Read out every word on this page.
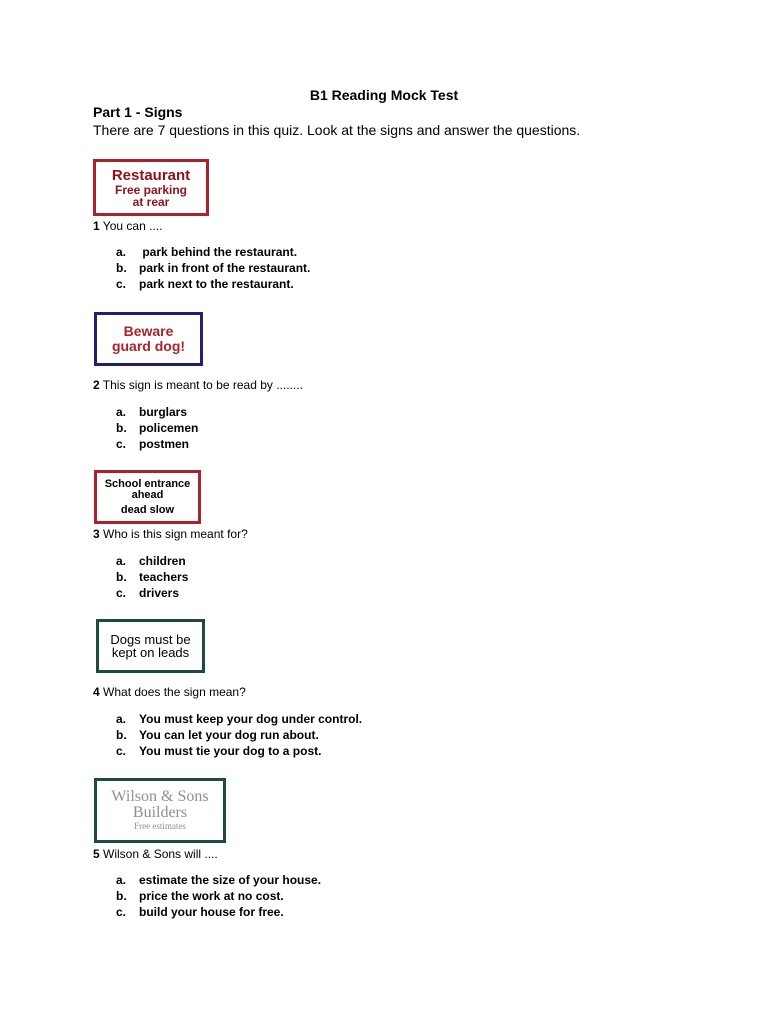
B1 Reading Mock Test
Part 1 - Signs
There are 7 questions in this quiz. Look at the signs and answer the questions.
Restaurant
Free parking
at rear
1 You can ....
a. park behind the restaurant.
b. park in front of the restaurant.
c. park next to the restaurant.
Beware
guard dog!
2 This sign is meant to be read by ........
a. burglars
b. policemen
c. postmen
School entrance
ahead
dead slow
3 Who is this sign meant for?
a. children
b. teachers
c. drivers
Dogs must be
kept on leads
4 What does the sign mean?
a. You must keep your dog under control.
b. You can let your dog run about.
c. You must tie your dog to a post.
Wilson & Sons
Builders
Free estimates
5 Wilson & Sons will ....
a. estimate the size of your house.
b. price the work at no cost.
c. build your house for free.
